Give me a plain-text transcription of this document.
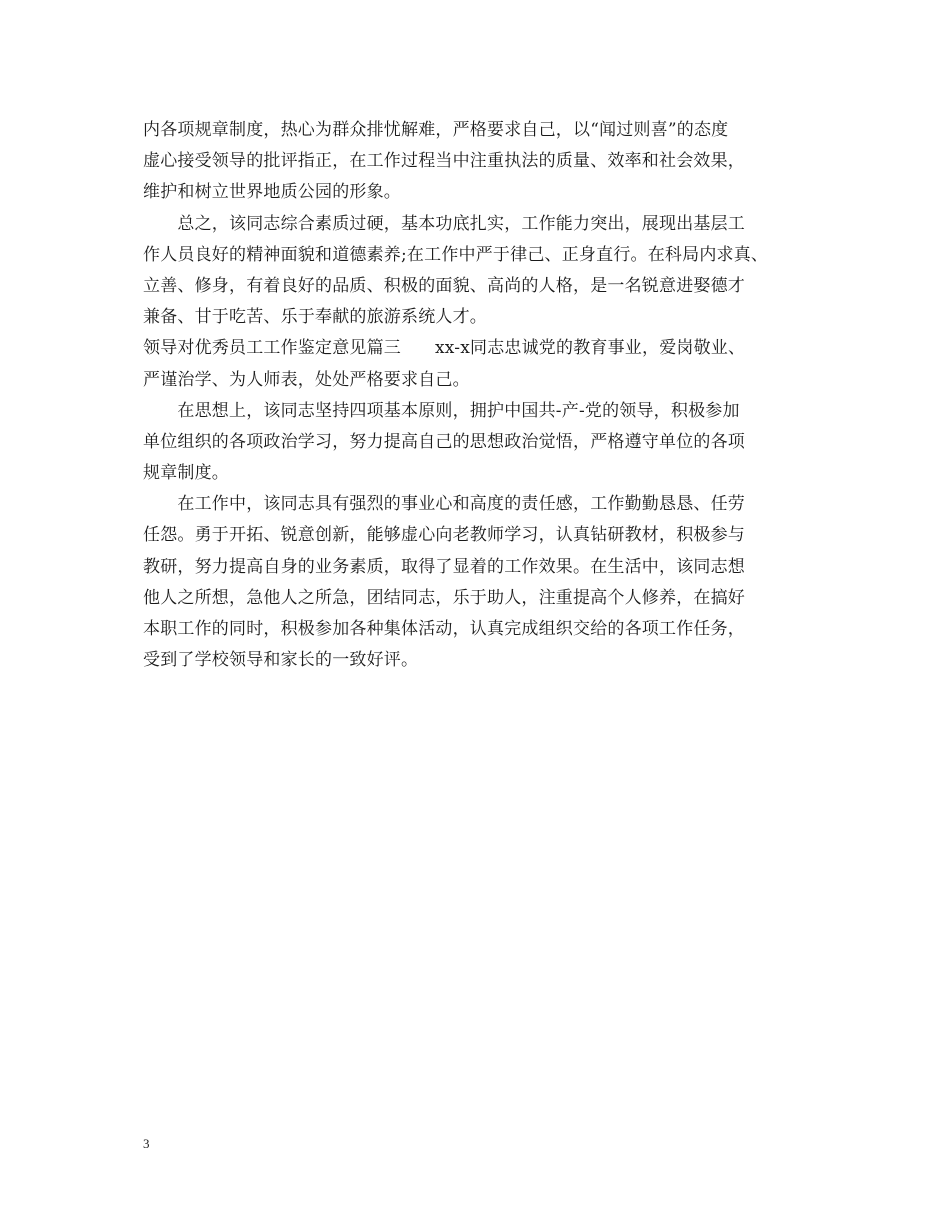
内各项规章制度，热心为群众排忧解难，严格要求自己，以“闻过则喜”的态度
虚心接受领导的批评指正，在工作过程当中注重执法的质量、效率和社会效果，
维护和树立世界地质公园的形象。
　　总之，该同志综合素质过硬，基本功底扎实，工作能力突出，展现出基层工
作人员良好的精神面貌和道德素养;在工作中严于律己、正身直行。在科局内求真、
立善、修身，有着良好的品质、积极的面貌、高尚的人格，是一名锐意进娶德才
兼备、甘于吃苦、乐于奉献的旅游系统人才。
领导对优秀员工工作鉴定意见篇三 xx-x同志忠诚党的教育事业，爱岗敬业、
严谨治学、为人师表，处处严格要求自己。
　　在思想上，该同志坚持四项基本原则，拥护中国共-产-党的领导，积极参加
单位组织的各项政治学习，努力提高自己的思想政治觉悟，严格遵守单位的各项
规章制度。
　　在工作中，该同志具有强烈的事业心和高度的责任感，工作勤勤恳恳、任劳
任怨。勇于开拓、锐意创新，能够虚心向老教师学习，认真钻研教材，积极参与
教研，努力提高自身的业务素质，取得了显着的工作效果。在生活中，该同志想
他人之所想，急他人之所急，团结同志，乐于助人，注重提高个人修养，在搞好
本职工作的同时，积极参加各种集体活动，认真完成组织交给的各项工作任务，
受到了学校领导和家长的一致好评。
3
